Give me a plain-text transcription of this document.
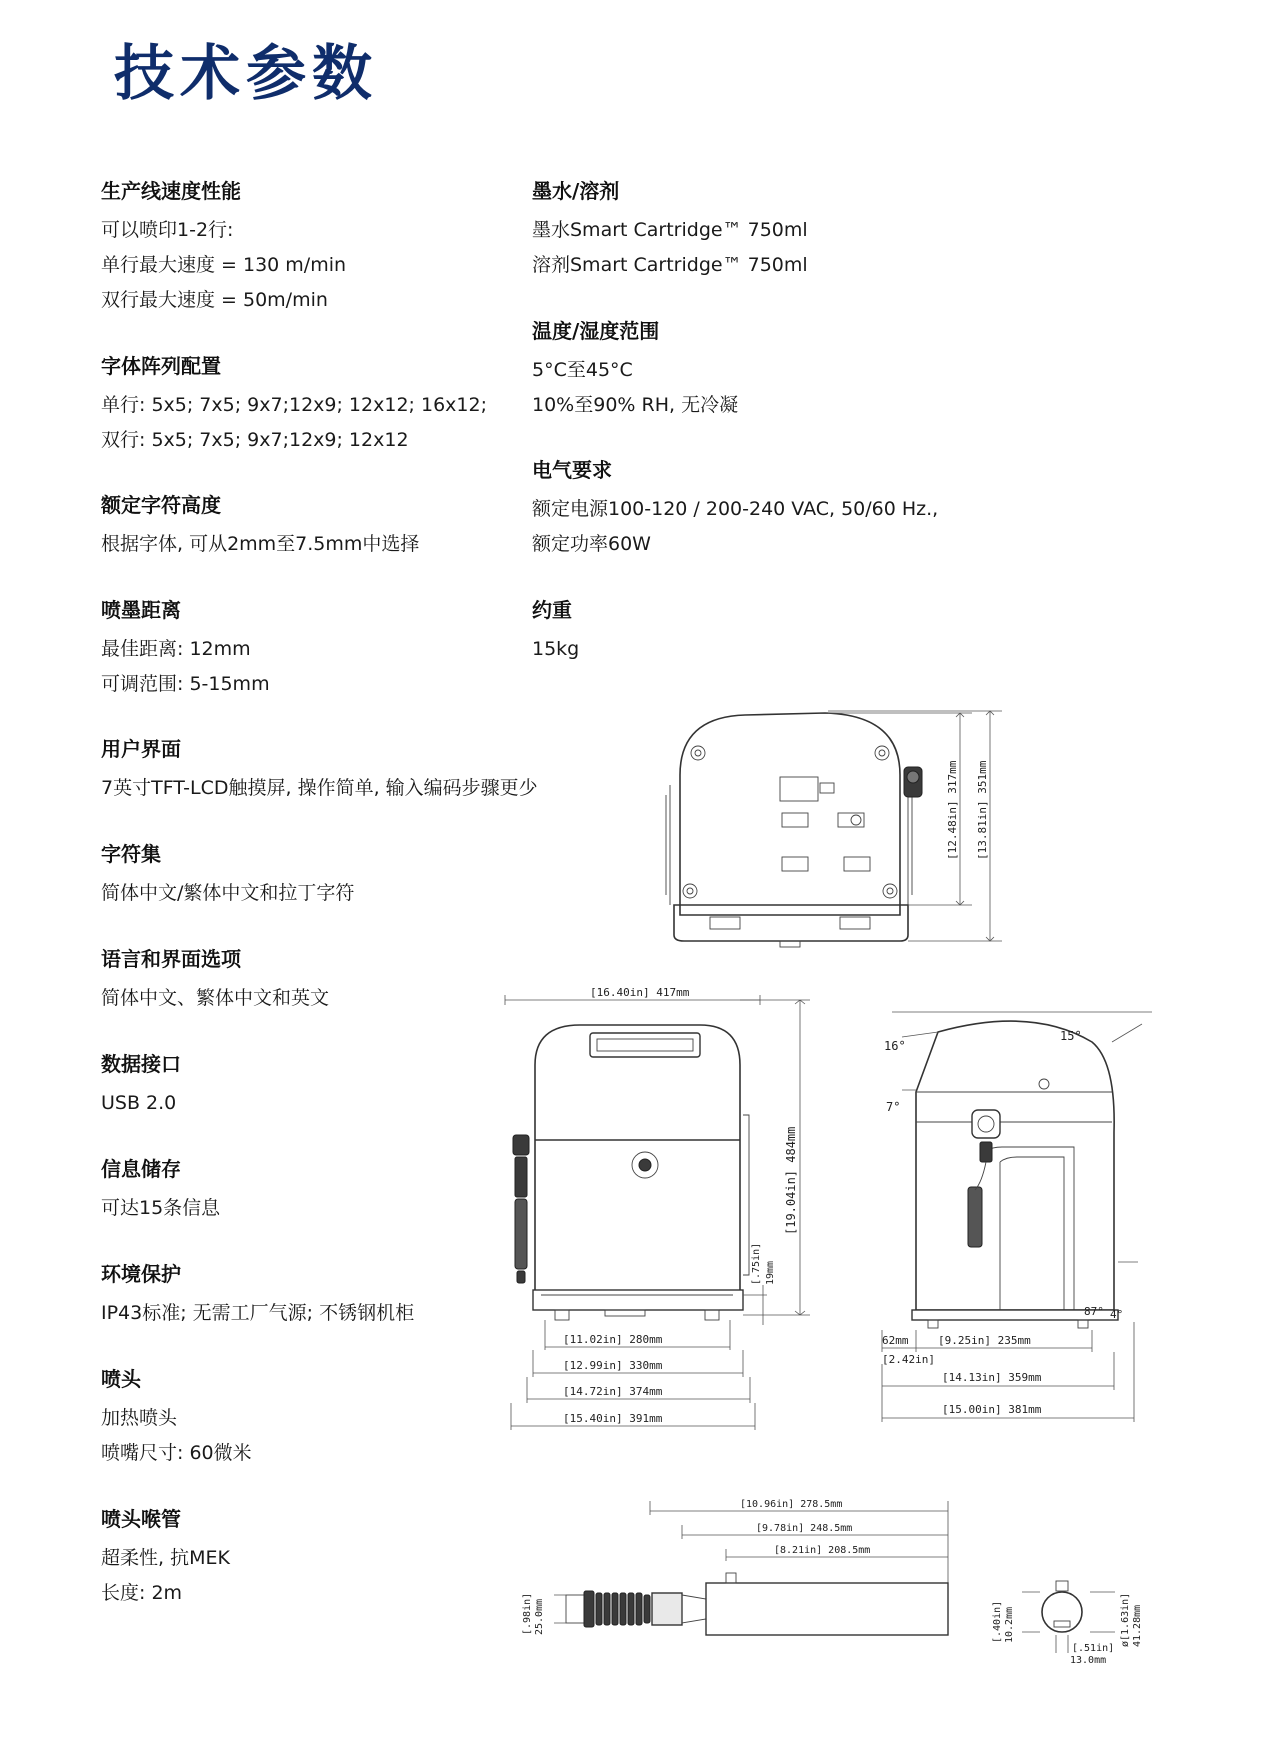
技术参数
生产线速度性能
可以喷印1-2行:
单行最大速度 = 130 m/min
双行最大速度 = 50m/min
字体阵列配置
单行: 5x5; 7x5; 9x7;12x9; 12x12; 16x12;
双行: 5x5; 7x5; 9x7;12x9; 12x12
额定字符高度
根据字体, 可从2mm至7.5mm中选择
喷墨距离
最佳距离: 12mm
可调范围: 5-15mm
用户界面
7英寸TFT-LCD触摸屏, 操作简单, 输入编码步骤更少
字符集
简体中文/繁体中文和拉丁字符
语言和界面选项
简体中文、繁体中文和英文
数据接口
USB 2.0
信息储存
可达15条信息
环境保护
IP43标准; 无需工厂气源; 不锈钢机柜
喷头
加热喷头
喷嘴尺寸: 60微米
喷头喉管
超柔性, 抗MEK
长度: 2m
墨水/溶剂
墨水Smart Cartridge™ 750ml
溶剂Smart Cartridge™ 750ml
温度/湿度范围
5°C至45°C
10%至90% RH, 无冷凝
电气要求
额定电源100-120 / 200-240 VAC, 50/60 Hz.,
额定功率60W
约重
15kg
[12.48in] 317mm [13.81in] 351mm
[16.40in] 417mm
[19.04in] 484mm
[.75in] 19mm
[11.02in] 280mm
[12.99in] 330mm
[14.72in] 374mm
[15.40in] 391mm
15°
16°
7°
87° 4°
62mm
[2.42in]
[9.25in] 235mm
[14.13in] 359mm
[15.00in] 381mm
[10.96in] 278.5mm
[9.78in] 248.5mm
[8.21in] 208.5mm
[.98in] 25.0mm	[.40in] 10.2mm	ø[1.63in] 41.28mm
[.51in]
13.0mm
